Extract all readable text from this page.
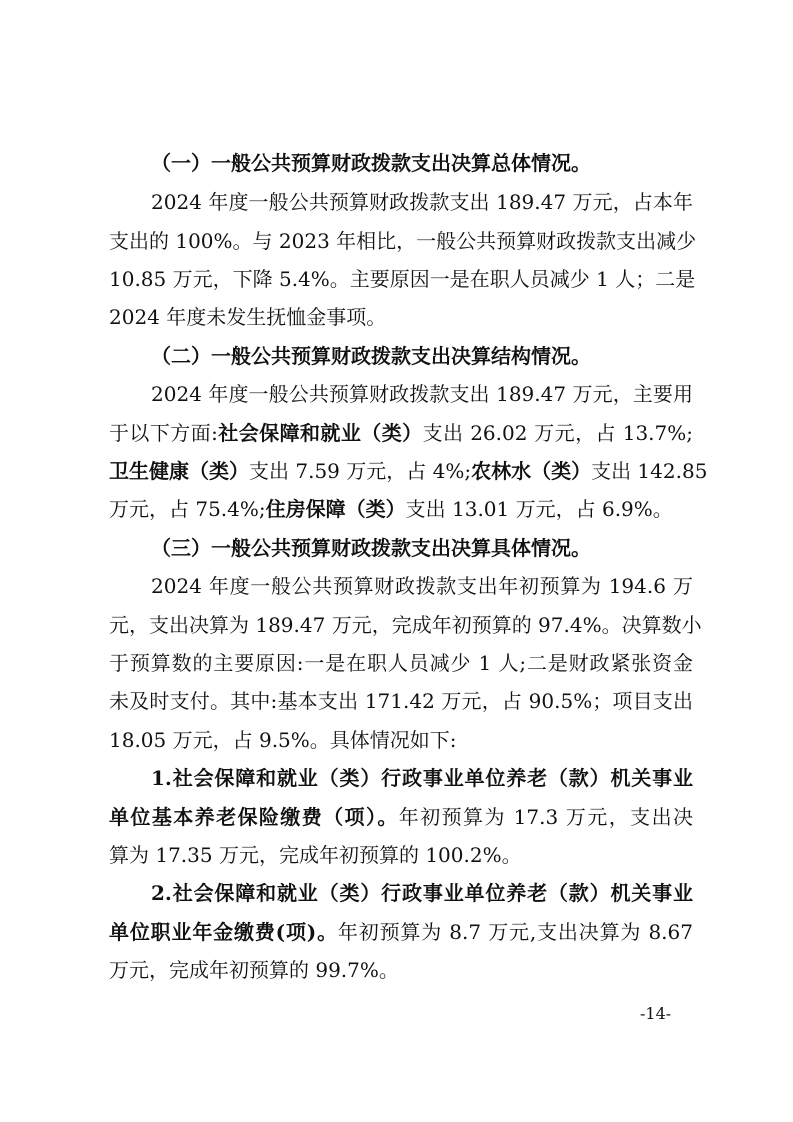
（一）一般公共预算财政拨款支出决算总体情况。

2024 年度一般公共预算财政拨款支出 189.47 万元，占本年

支出的 100%。与 2023 年相比，一般公共预算财政拨款支出减少

10.85 万元，下降 5.4%。主要原因一是在职人员减少 1 人；二是

2024 年度未发生抚恤金事项。

（二）一般公共预算财政拨款支出决算结构情况。

2024 年度一般公共预算财政拨款支出 189.47 万元，主要用

于以下方面:社会保障和就业（类）支出 26.02 万元，占 13.7%;

卫生健康（类）支出 7.59 万元，占 4%;农林水（类）支出 142.85

万元，占 75.4%;住房保障（类）支出 13.01 万元，占 6.9%。

（三）一般公共预算财政拨款支出决算具体情况。

2024 年度一般公共预算财政拨款支出年初预算为 194.6 万

元，支出决算为 189.47 万元，完成年初预算的 97.4%。决算数小

于预算数的主要原因:一是在职人员减少 1 人;二是财政紧张资金

未及时支付。其中:基本支出 171.42 万元，占 90.5%；项目支出

18.05 万元，占 9.5%。具体情况如下:

1.社会保障和就业（类）行政事业单位养老（款）机关事业

单位基本养老保险缴费（项）。年初预算为 17.3 万元，支出决

算为 17.35 万元，完成年初预算的 100.2%。

2.社会保障和就业（类）行政事业单位养老（款）机关事业

单位职业年金缴费(项)。年初预算为 8.7 万元,支出决算为 8.67

万元，完成年初预算的 99.7%。

-14-
